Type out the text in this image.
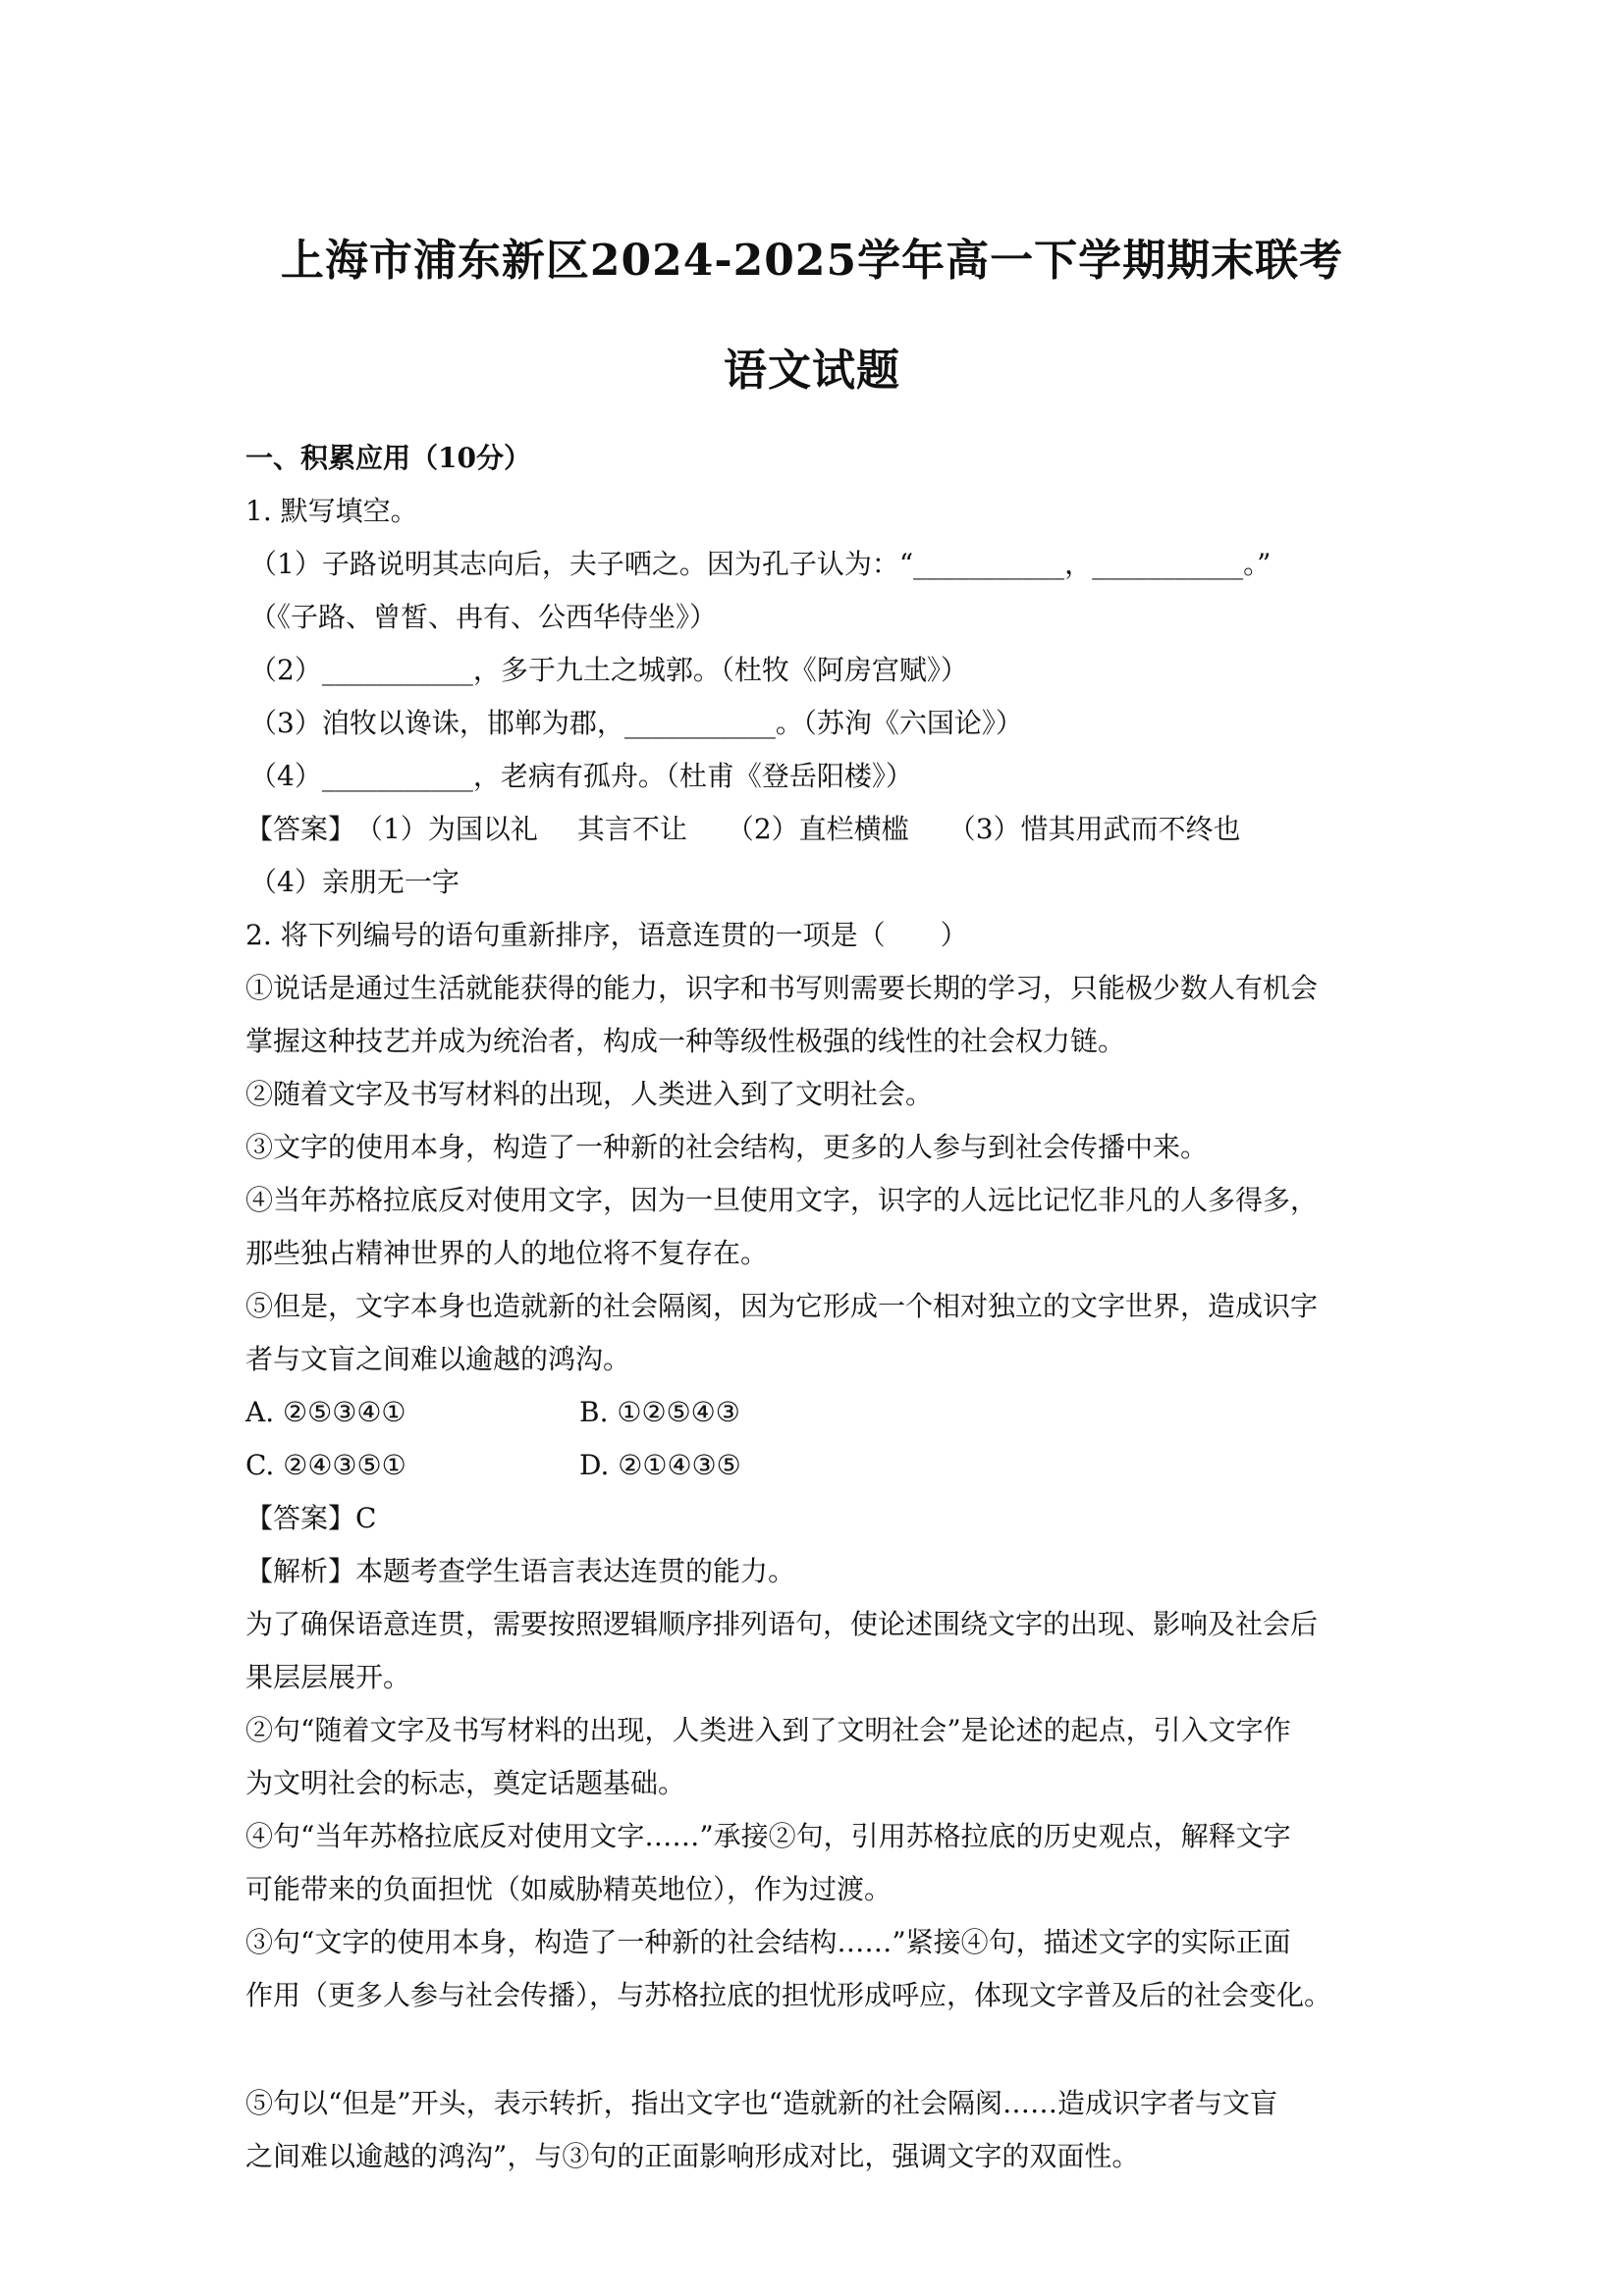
上海市浦东新区2024-2025学年高一下学期期末联考
语文试题
一、积累应用（10分）
1. 默写填空。
（1）子路说明其志向后，夫子哂之。因为孔子认为：“___________，___________。”
（《子路、曾皙、冉有、公西华侍坐》）
（2）___________，多于九土之城郭。（杜牧《阿房宫赋》）
（3）洎牧以谗诛，邯郸为郡，___________。（苏洵《六国论》）
（4）___________，老病有孤舟。（杜甫《登岳阳楼》）
【答案】（1）为国以礼 其言不让 （2）直栏横槛 （3）惜其用武而不终也
（4）亲朋无一字
2. 将下列编号的语句重新排序，语意连贯的一项是（　　）
①说话是通过生活就能获得的能力，识字和书写则需要长期的学习，只能极少数人有机会
掌握这种技艺并成为统治者，构成一种等级性极强的线性的社会权力链。
②随着文字及书写材料的出现，人类进入到了文明社会。
③文字的使用本身，构造了一种新的社会结构，更多的人参与到社会传播中来。
④当年苏格拉底反对使用文字，因为一旦使用文字，识字的人远比记忆非凡的人多得多，
那些独占精神世界的人的地位将不复存在。
⑤但是，文字本身也造就新的社会隔阂，因为它形成一个相对独立的文字世界，造成识字
者与文盲之间难以逾越的鸿沟。
A. ②⑤③④①	B. ①②⑤④③
C. ②④③⑤①	D. ②①④③⑤
【答案】C
【解析】本题考查学生语言表达连贯的能力。
为了确保语意连贯，需要按照逻辑顺序排列语句，使论述围绕文字的出现、影响及社会后
果层层展开。
②句“随着文字及书写材料的出现，人类进入到了文明社会”是论述的起点，引入文字作
为文明社会的标志，奠定话题基础。
④句“当年苏格拉底反对使用文字……”承接②句，引用苏格拉底的历史观点，解释文字
可能带来的负面担忧（如威胁精英地位），作为过渡。
③句“文字的使用本身，构造了一种新的社会结构……”紧接④句，描述文字的实际正面
作用（更多人参与社会传播），与苏格拉底的担忧形成呼应，体现文字普及后的社会变化。
⑤句以“但是”开头，表示转折，指出文字也“造就新的社会隔阂……造成识字者与文盲
之间难以逾越的鸿沟”，与③句的正面影响形成对比，强调文字的双面性。
